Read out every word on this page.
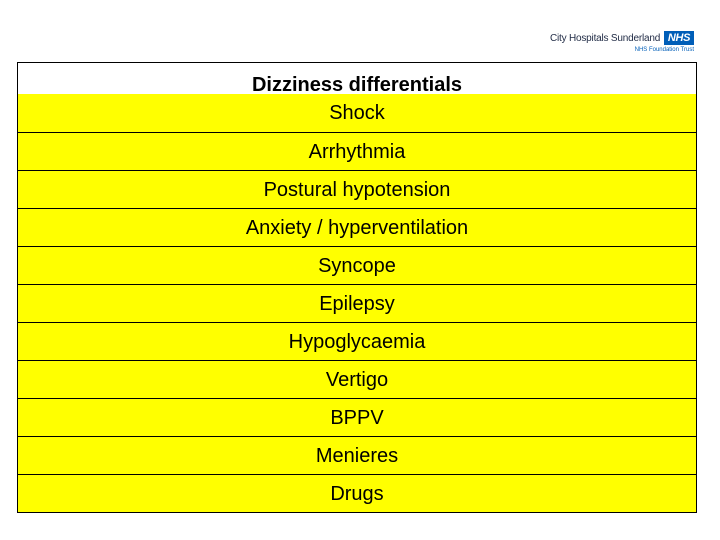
City Hospitals Sunderland NHS
NHS Foundation Trust
Dizziness differentials
Shock
Arrhythmia
Postural hypotension
Anxiety / hyperventilation
Syncope
Epilepsy
Hypoglycaemia
Vertigo
BPPV
Menieres
Drugs
